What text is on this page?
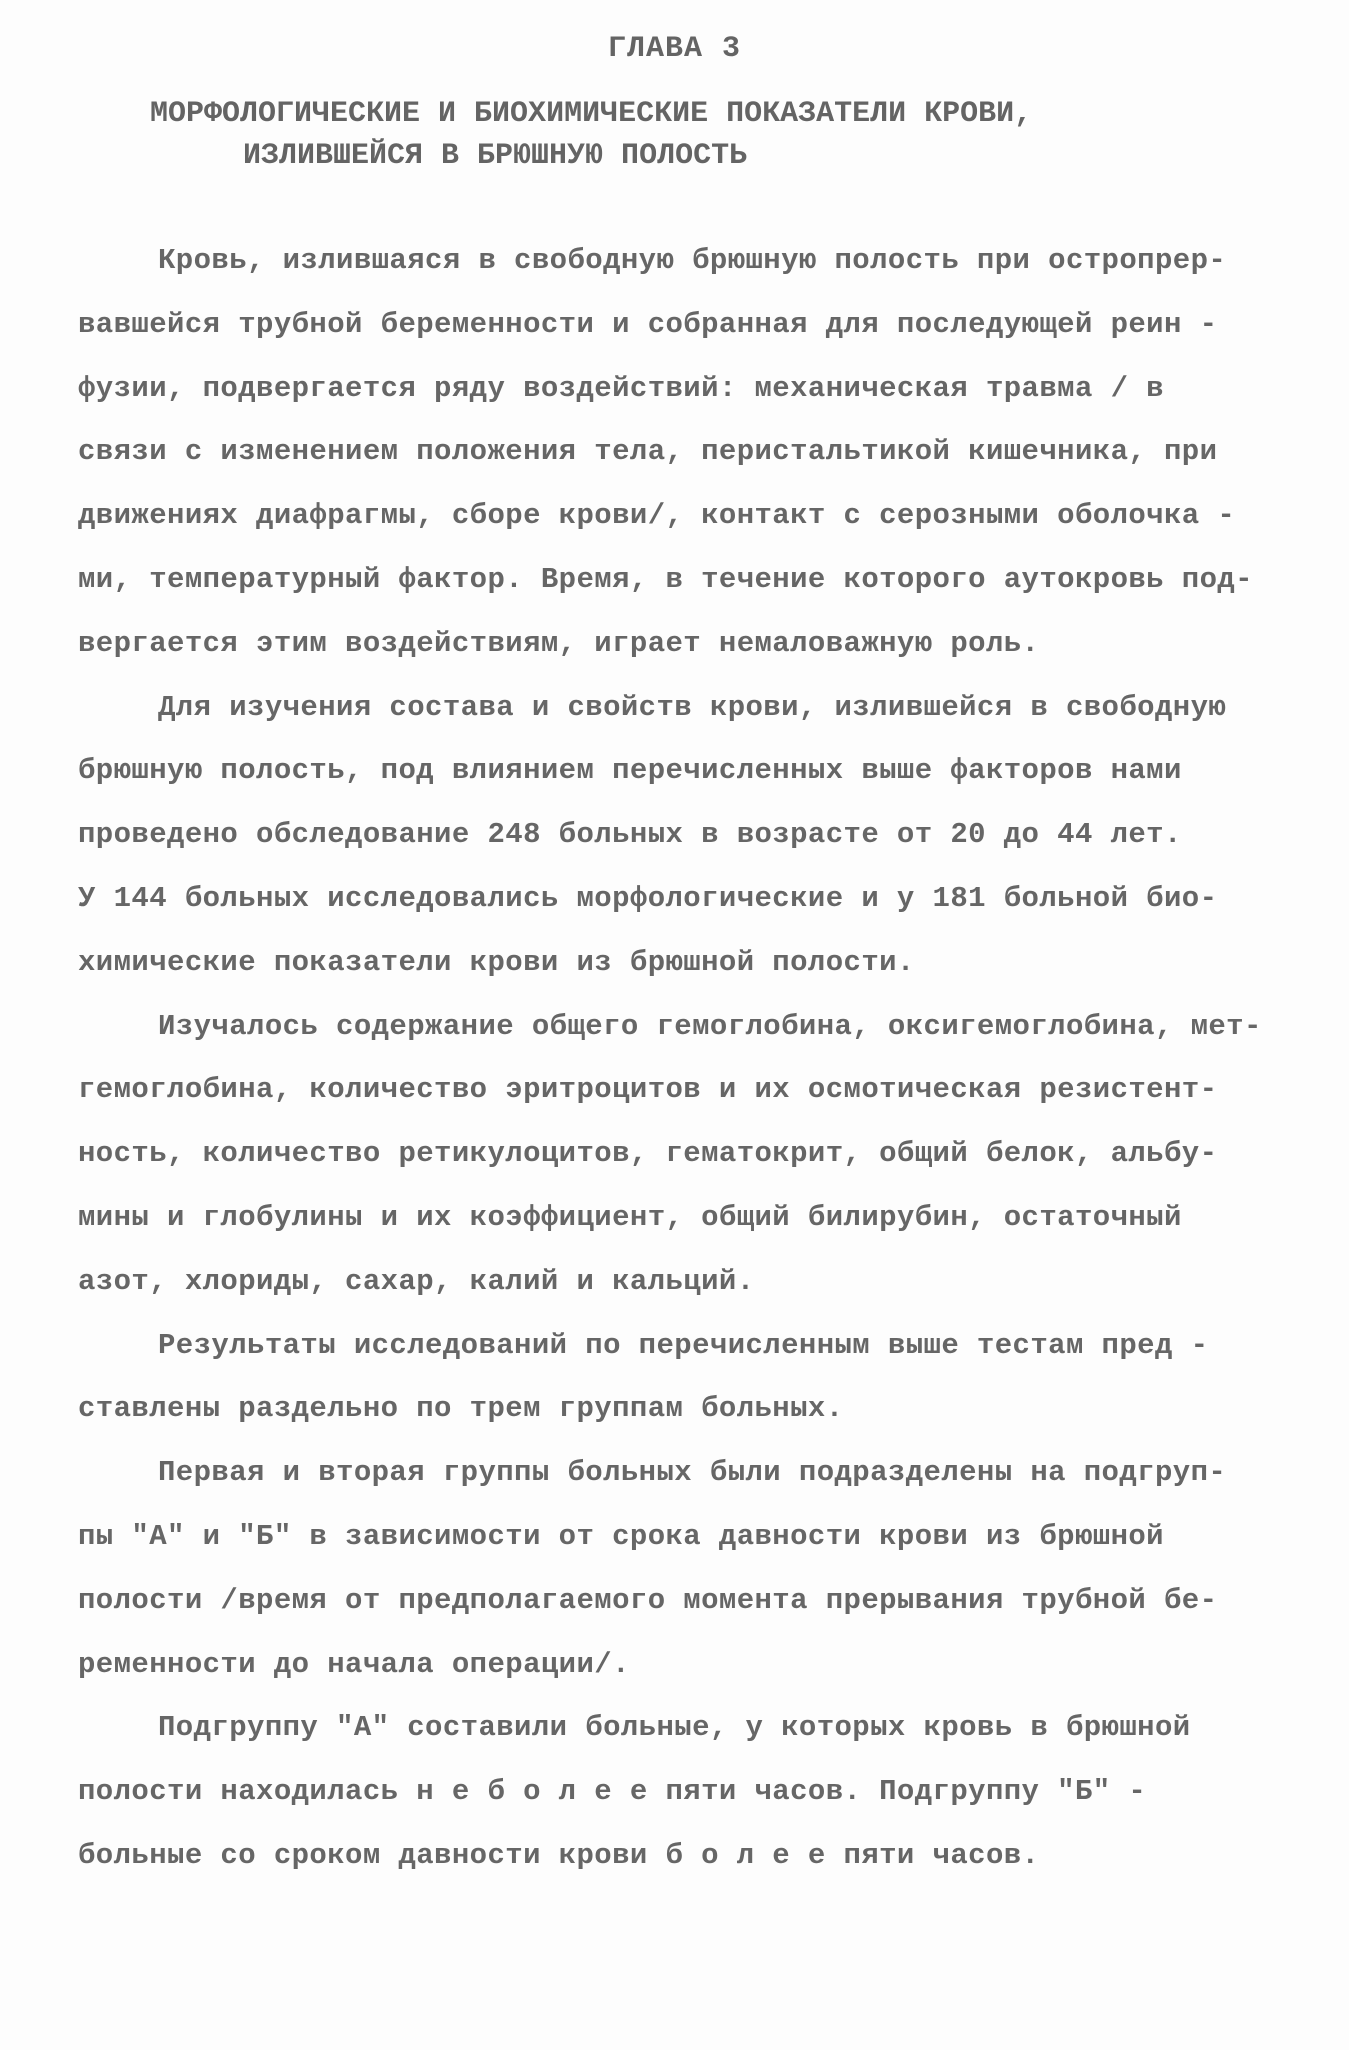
ГЛАВА 3
МОРФОЛОГИЧЕСКИЕ И БИОХИМИЧЕСКИЕ ПОКАЗАТЕЛИ КРОВИ,
ИЗЛИВШЕЙСЯ В БРЮШНУЮ ПОЛОСТЬ
Кровь, излившаяся в свободную брюшную полость при остропрер-
вавшейся трубной беременности и собранная для последующей реин -
фузии, подвергается ряду воздействий: механическая травма / в
связи с изменением положения тела, перистальтикой кишечника, при
движениях диафрагмы, сборе крови/, контакт с серозными оболочка -
ми, температурный фактор. Время, в течение которого аутокровь под-
вергается этим воздействиям, играет немаловажную роль.
Для изучения состава и свойств крови, излившейся в свободную
брюшную полость, под влиянием перечисленных выше факторов нами
проведено обследование 248 больных в возрасте от 20 до 44 лет.
У 144 больных исследовались морфологические и у 181 больной био-
химические показатели крови из брюшной полости.
Изучалось содержание общего гемоглобина, оксигемоглобина, мет-
гемоглобина, количество эритроцитов и их осмотическая резистент-
ность, количество ретикулоцитов, гематокрит, общий белок, альбу-
мины и глобулины и их коэффициент, общий билирубин, остаточный
азот, хлориды, сахар, калий и кальций.
Результаты исследований по перечисленным выше тестам пред -
ставлены раздельно по трем группам больных.
Первая и вторая группы больных были подразделены на подгруп-
пы "А" и "Б" в зависимости от срока давности крови из брюшной
полости /время от предполагаемого момента прерывания трубной бе-
ременности до начала операции/.
Подгруппу "А" составили больные, у которых кровь в брюшной
полости находилась н е б о л е е пяти часов. Подгруппу "Б" -
больные со сроком давности крови б о л е е пяти часов.
